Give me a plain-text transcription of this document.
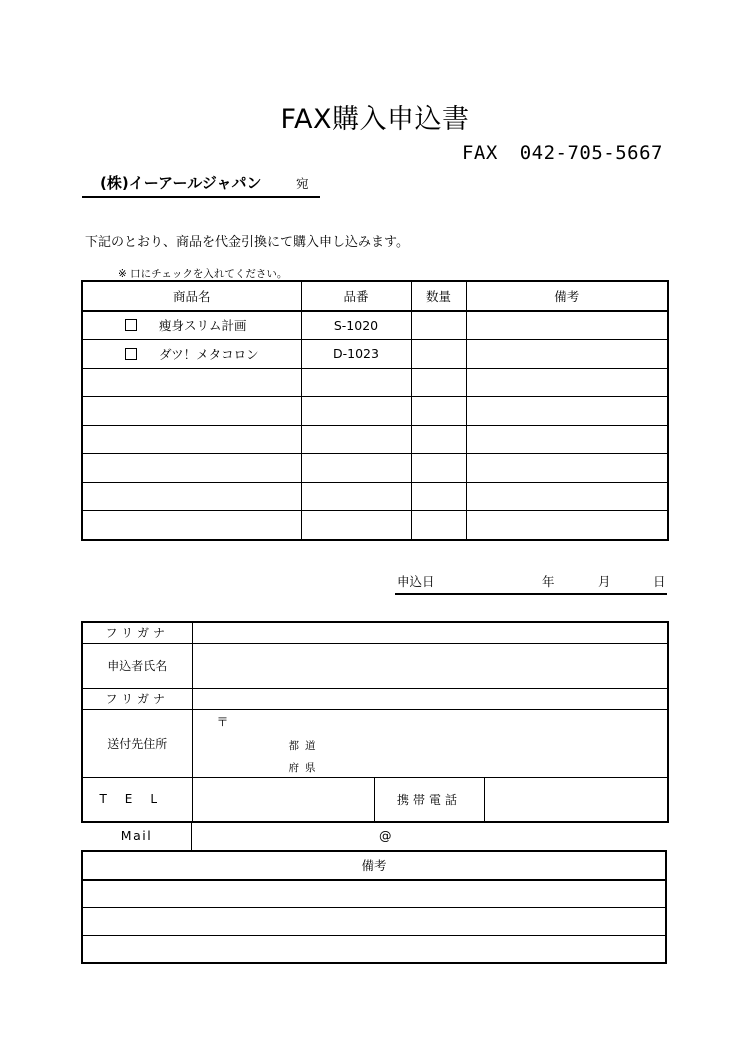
FAX購入申込書
FAX 042-705-5667
(株)イーアールジャパン	宛
下記のとおり、商品を代金引換にて購入申し込みます。
※ 口にチェックを入れてください。
商品名	品番	数量	備考
瘦身スリム計画	S-1020		
ダツ！メタコロン	D-1023		

申込日	年	月	日
フリガナ			
申込者氏名			
フリガナ			
送付先住所	〒
都道
府県		

TEL		携帯電話	
Mail	@
備考
